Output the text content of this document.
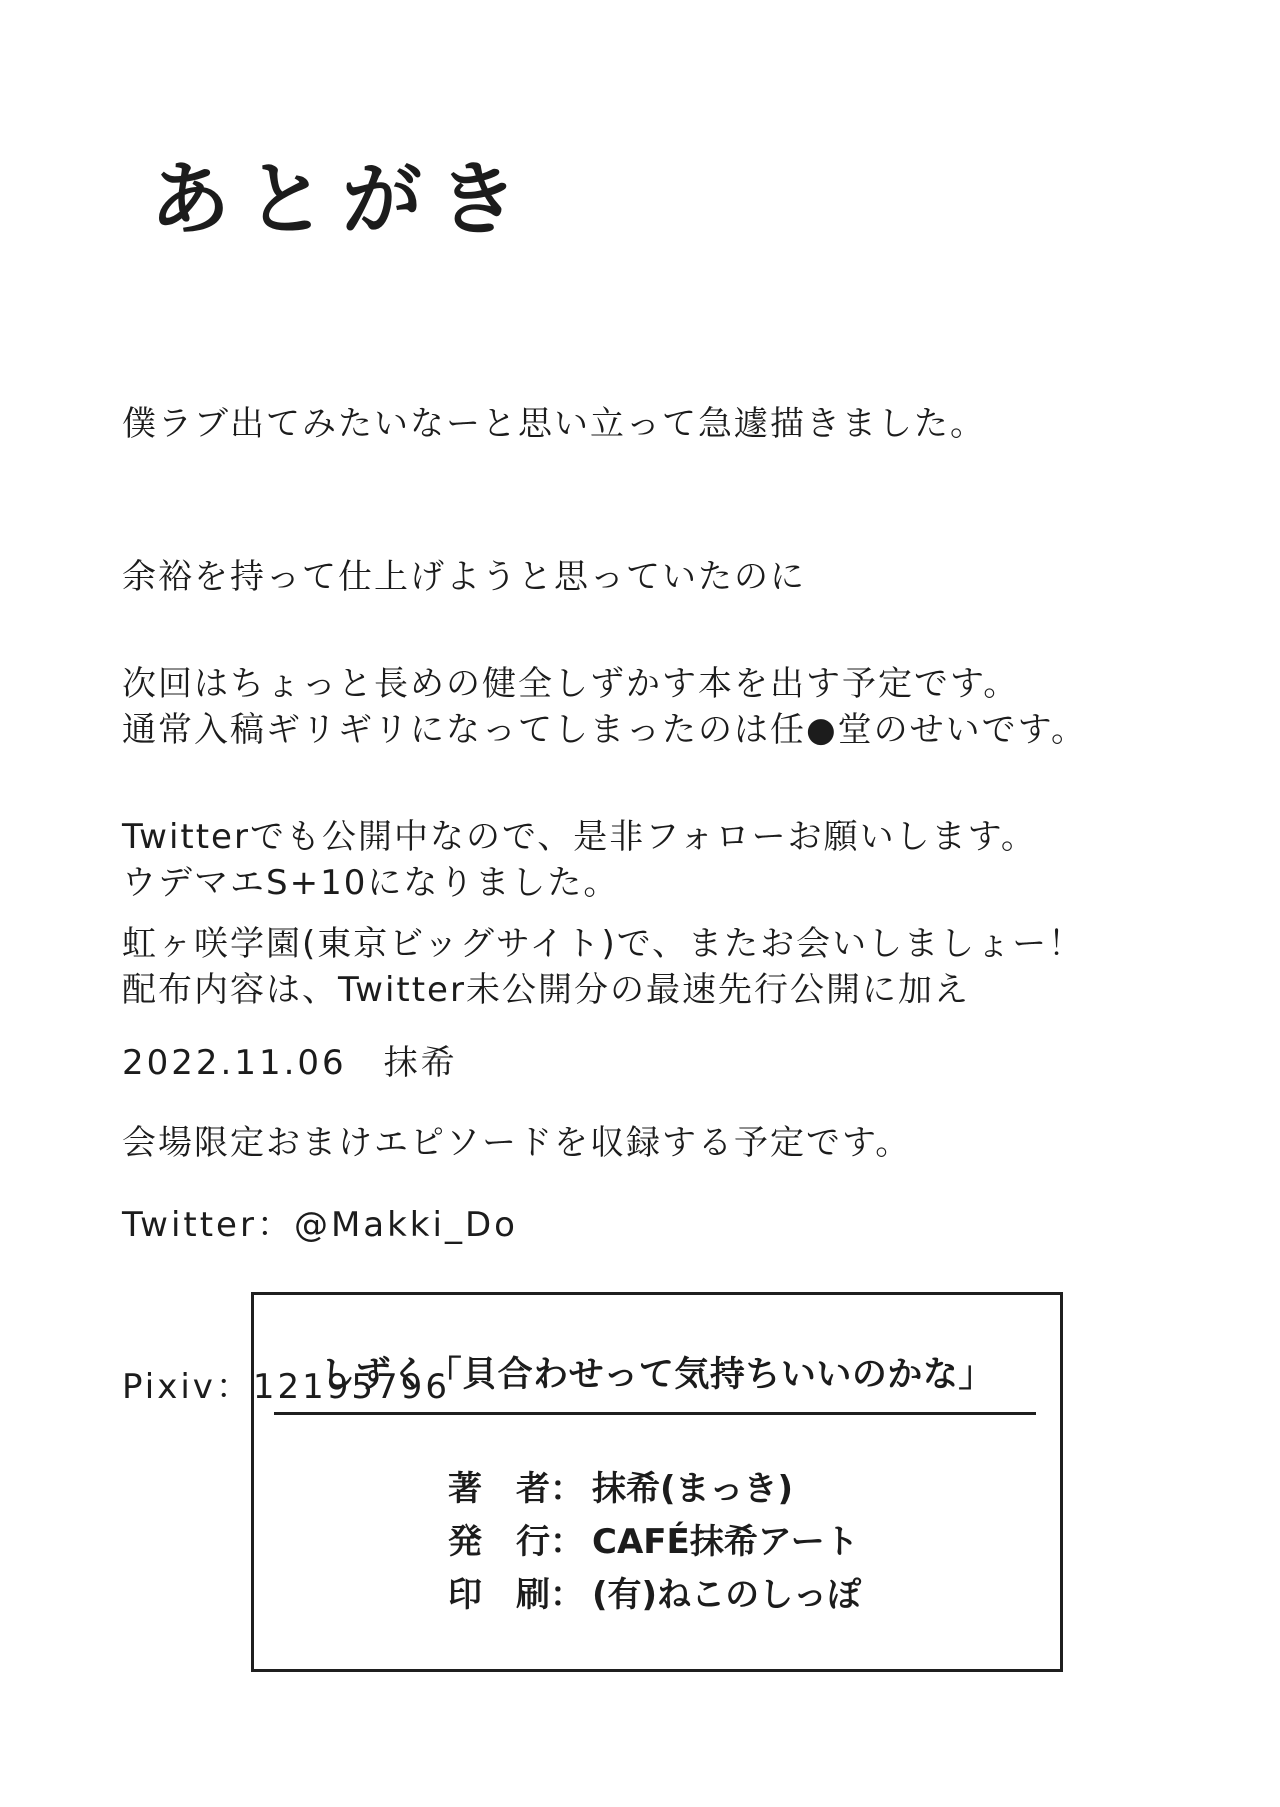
あとがき

僕ラブ出てみたいなーと思い立って急遽描きました。

余裕を持って仕上げようと思っていたのに

通常入稿ギリギリになってしまったのは任●堂のせいです。

ウデマエS+10になりました。

次回はちょっと長めの健全しずかす本を出す予定です。

Twitterでも公開中なので、是非フォローお願いします。

配布内容は、Twitter未公開分の最速先行公開に加え

会場限定おまけエピソードを収録する予定です。

虹ヶ咲学園(東京ビッグサイト)で、またお会いしましょー！

2022.11.06　抹希

Twitter：@Makki_Do

Pixiv：12195796

しずく「貝合わせって気持ちいいのかな」
著　者： 抹希(まっき)
発　行： CAFÉ抹希アート
印　刷： (有)ねこのしっぽ
